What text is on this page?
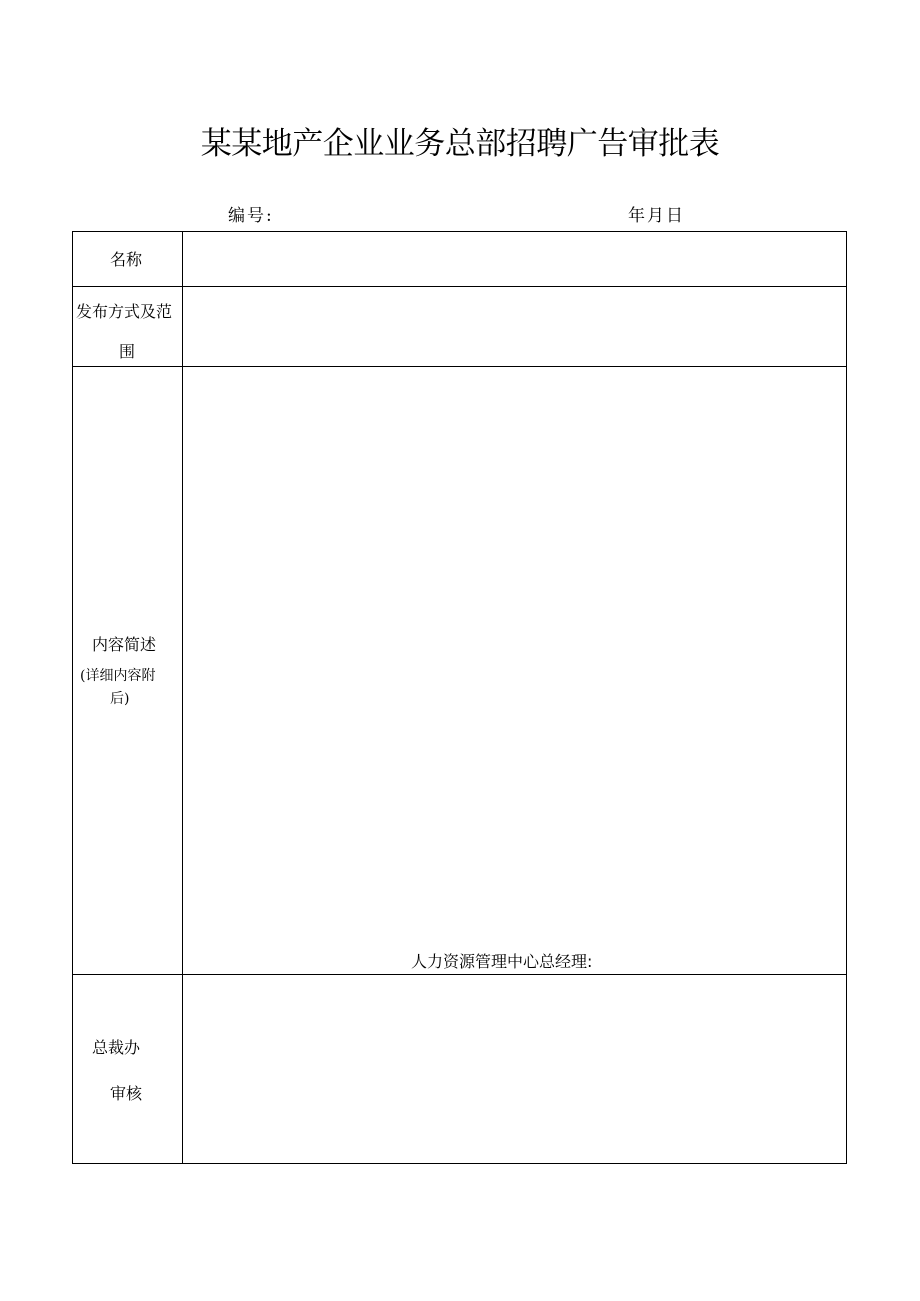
某某地产企业业务总部招聘广告审批表
编号:	年月日
名称
发布方式及范
围
内容简述
(详细内容附
后)
人力资源管理中心总经理:
总裁办
审核
